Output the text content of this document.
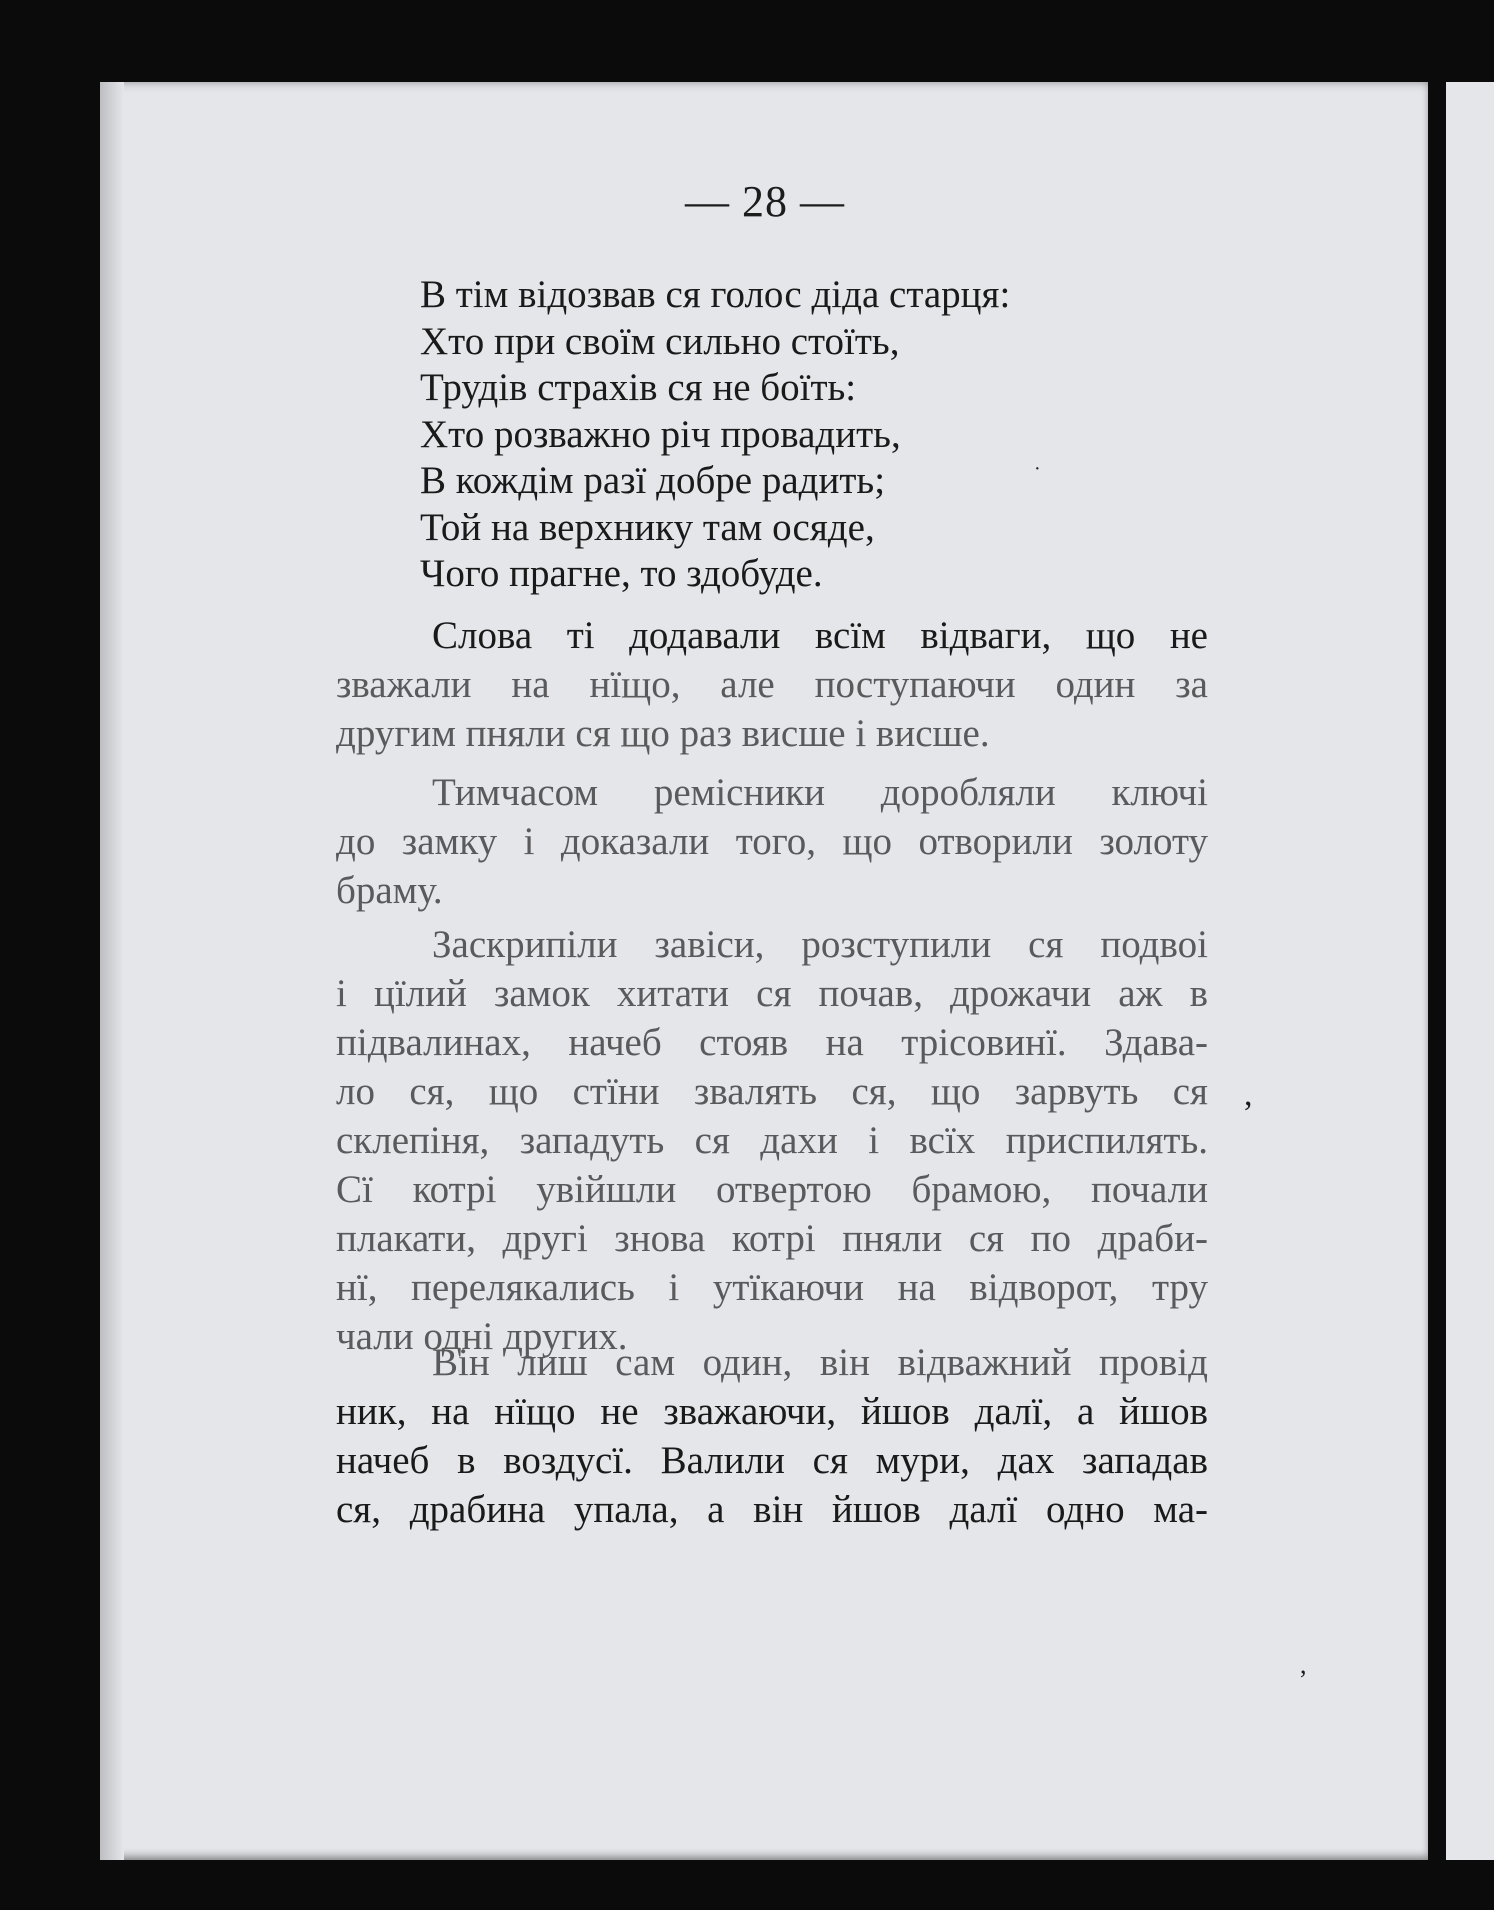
— 28 —
В тім відозвав ся голос діда старця:
Хто при своїм сильно стоїть,
Трудів страхів ся не боїть:
Хто розважно річ провадить,
В кождім разї добре радить;
Той на верхнику там осяде,
Чого прагне, то здобуде.
Слова ті додавали всїм відваги, що не
зважали на нїщо, але поступаючи один за
другим пняли ся що раз висше і висше.
Тимчасом ремісники доробляли ключі
до замку і доказали того, що отворили золоту
браму.
Заскрипіли завіси, розступили ся подвоі
і цїлий замок хитати ся почав, дрожачи аж в
підвалинах, начеб стояв на трісовинї. Здава-
ло ся, що стїни звалять ся, що зарвуть ся
склепіня, западуть ся дахи і всїх приспилять.
Сї котрі увійшли отвертою брамою, почали
плакати, другі знова котрі пняли ся по драби-
нї, перелякались і утїкаючи на відворот, тру
чали одні других.
Він лиш сам один, він відважний провід
ник, на нїщо не зважаючи, йшов далї, а йшов
начеб в воздусї. Валили ся мури, дах западав
ся, драбина упала, а він йшов далї одно ма-
·
,
,
